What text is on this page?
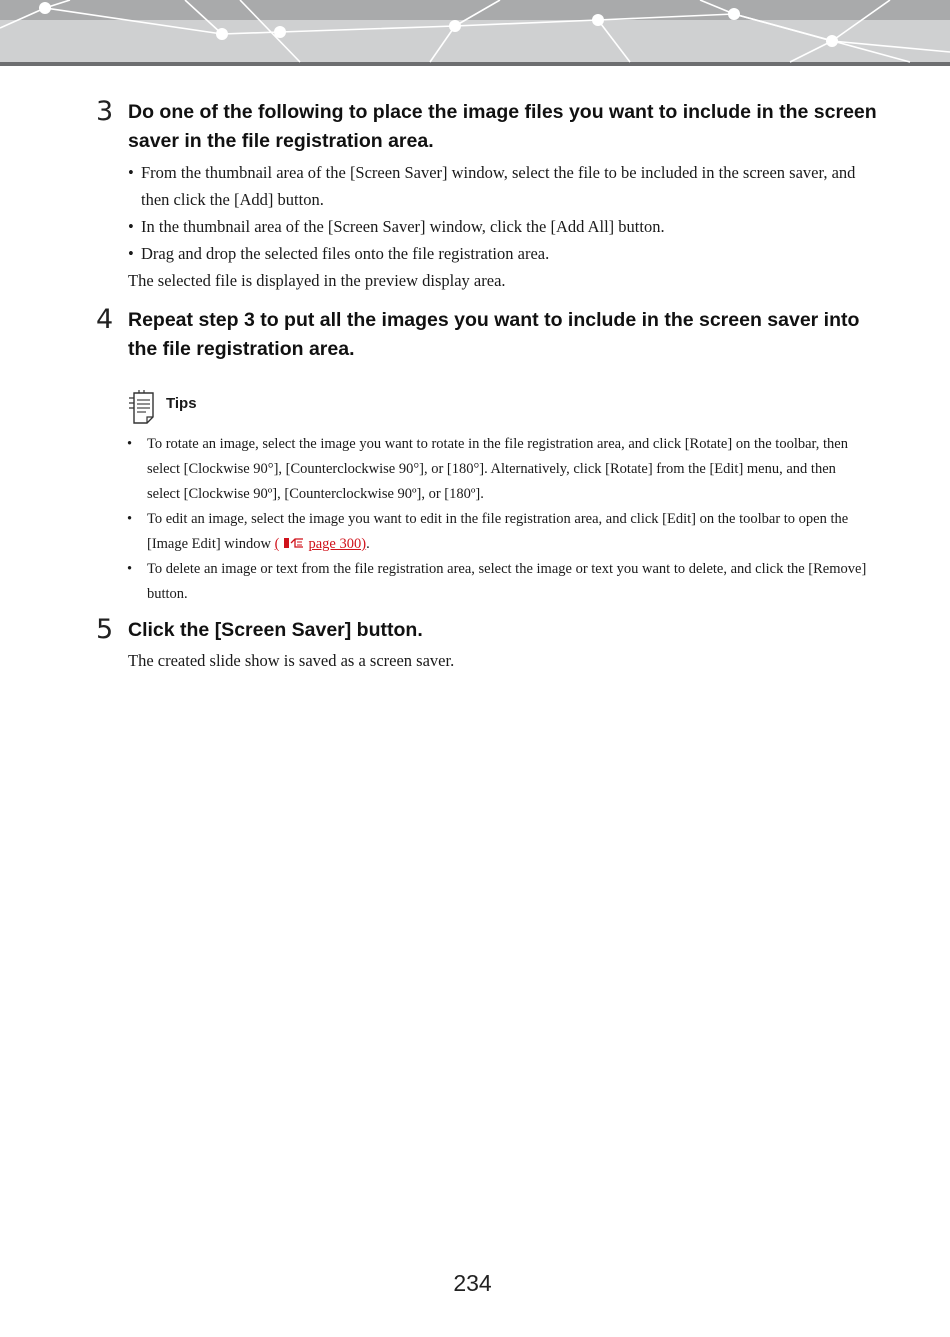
3 Do one of the following to place the image files you want to include in the screen saver in the file registration area.
• From the thumbnail area of the [Screen Saver] window, select the file to be included in the screen saver, and then click the [Add] button.
• In the thumbnail area of the [Screen Saver] window, click the [Add All] button.
• Drag and drop the selected files onto the file registration area.

The selected file is displayed in the preview display area.

4 Repeat step 3 to put all the images you want to include in the screen saver into the file registration area.
Tips
• To rotate an image, select the image you want to rotate in the file registration area, and click [Rotate] on the toolbar, then select [Clockwise 90°], [Counterclockwise 90°], or [180°]. Alternatively, click [Rotate] from the [Edit] menu, and then select [Clockwise 90º], [Counterclockwise 90º], or [180º].
• To edit an image, select the image you want to edit in the file registration area, and click [Edit] on the toolbar to open the [Image Edit] window ( page 300).
• To delete an image or text from the file registration area, select the image or text you want to delete, and click the [Remove] button.
5 Click the [Screen Saver] button.

The created slide show is saved as a screen saver.

234
